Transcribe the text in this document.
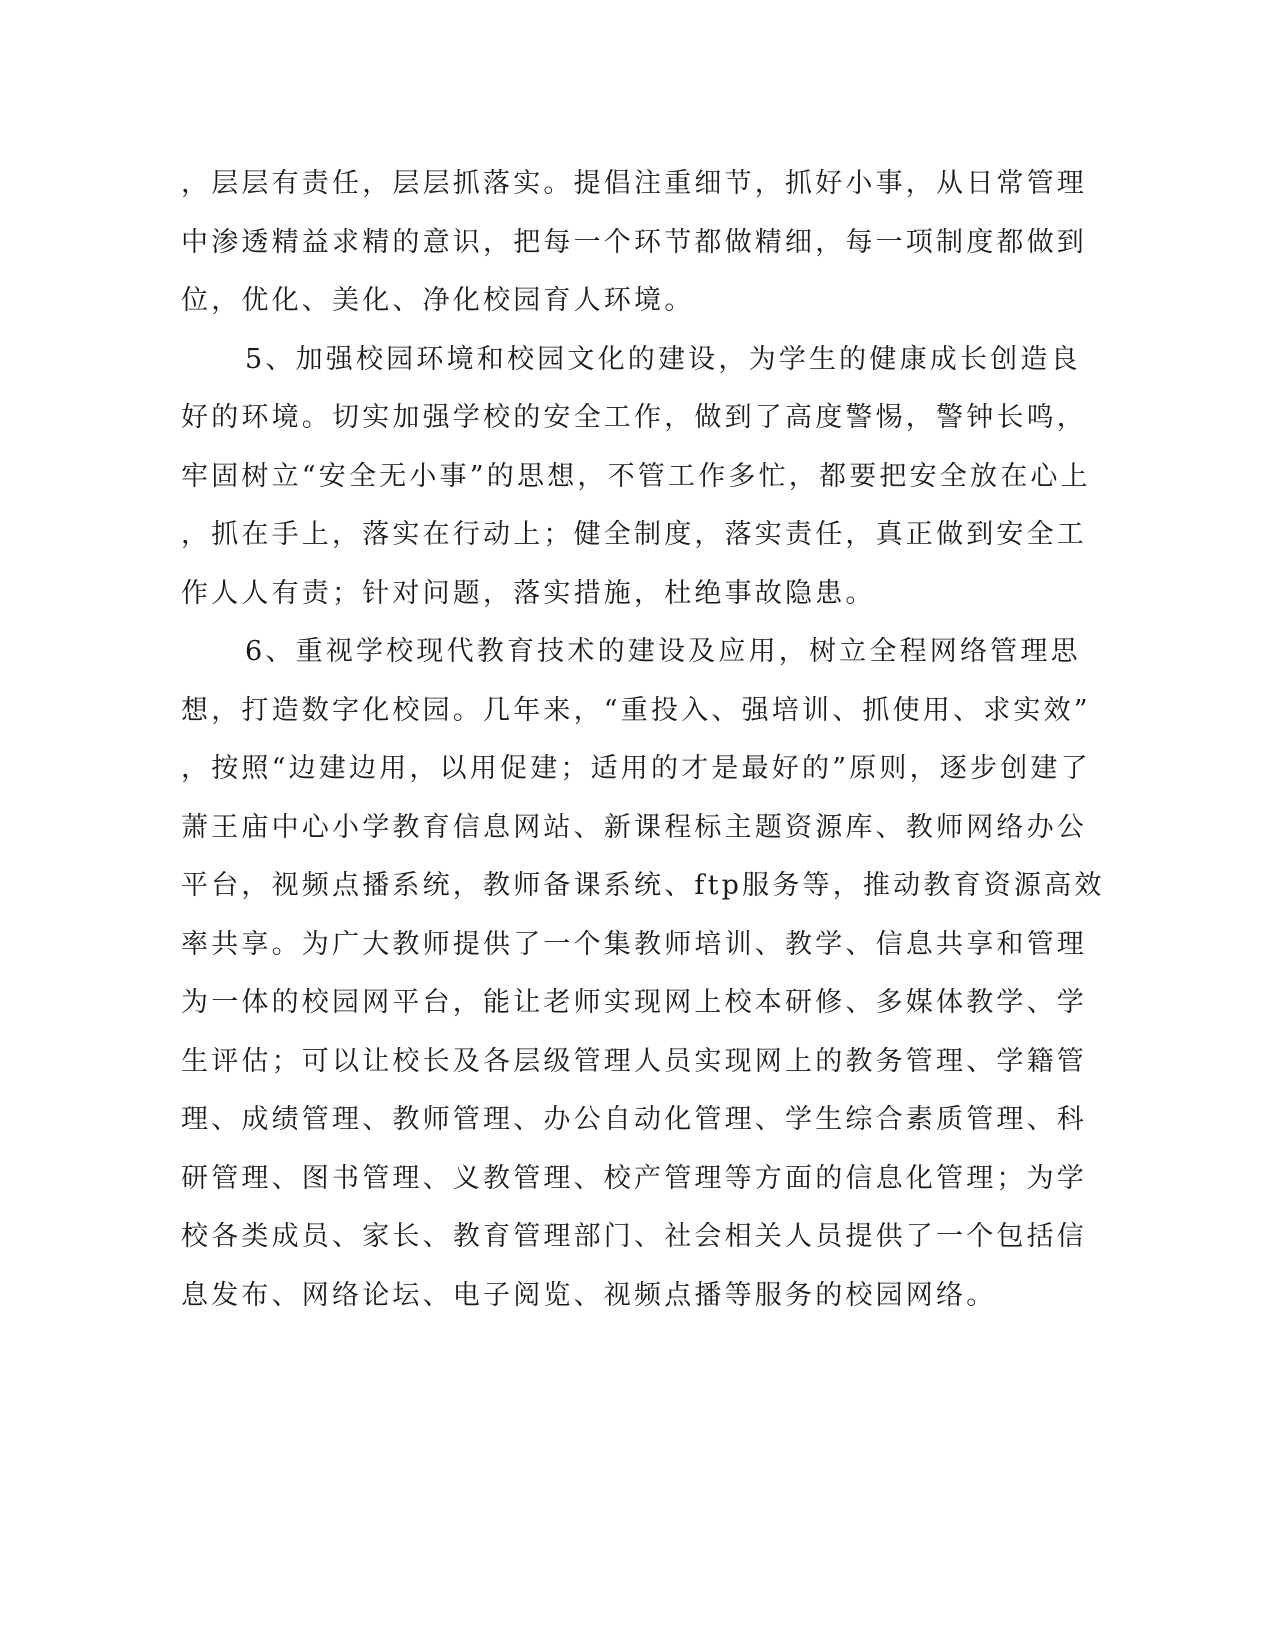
，层层有责任，层层抓落实。提倡注重细节，抓好小事，从日常管理
中渗透精益求精的意识，把每一个环节都做精细，每一项制度都做到
位，优化、美化、净化校园育人环境。
5、加强校园环境和校园文化的建设，为学生的健康成长创造良
好的环境。切实加强学校的安全工作，做到了高度警惕，警钟长鸣，
牢固树立“安全无小事”的思想，不管工作多忙，都要把安全放在心上
，抓在手上，落实在行动上；健全制度，落实责任，真正做到安全工
作人人有责；针对问题，落实措施，杜绝事故隐患。
6、重视学校现代教育技术的建设及应用，树立全程网络管理思
想，打造数字化校园。几年来，“重投入、强培训、抓使用、求实效”
，按照“边建边用，以用促建；适用的才是最好的”原则，逐步创建了
萧王庙中心小学教育信息网站、新课程标主题资源库、教师网络办公
平台，视频点播系统，教师备课系统、ftp服务等，推动教育资源高效
率共享。为广大教师提供了一个集教师培训、教学、信息共享和管理
为一体的校园网平台，能让老师实现网上校本研修、多媒体教学、学
生评估；可以让校长及各层级管理人员实现网上的教务管理、学籍管
理、成绩管理、教师管理、办公自动化管理、学生综合素质管理、科
研管理、图书管理、义教管理、校产管理等方面的信息化管理；为学
校各类成员、家长、教育管理部门、社会相关人员提供了一个包括信
息发布、网络论坛、电子阅览、视频点播等服务的校园网络。
